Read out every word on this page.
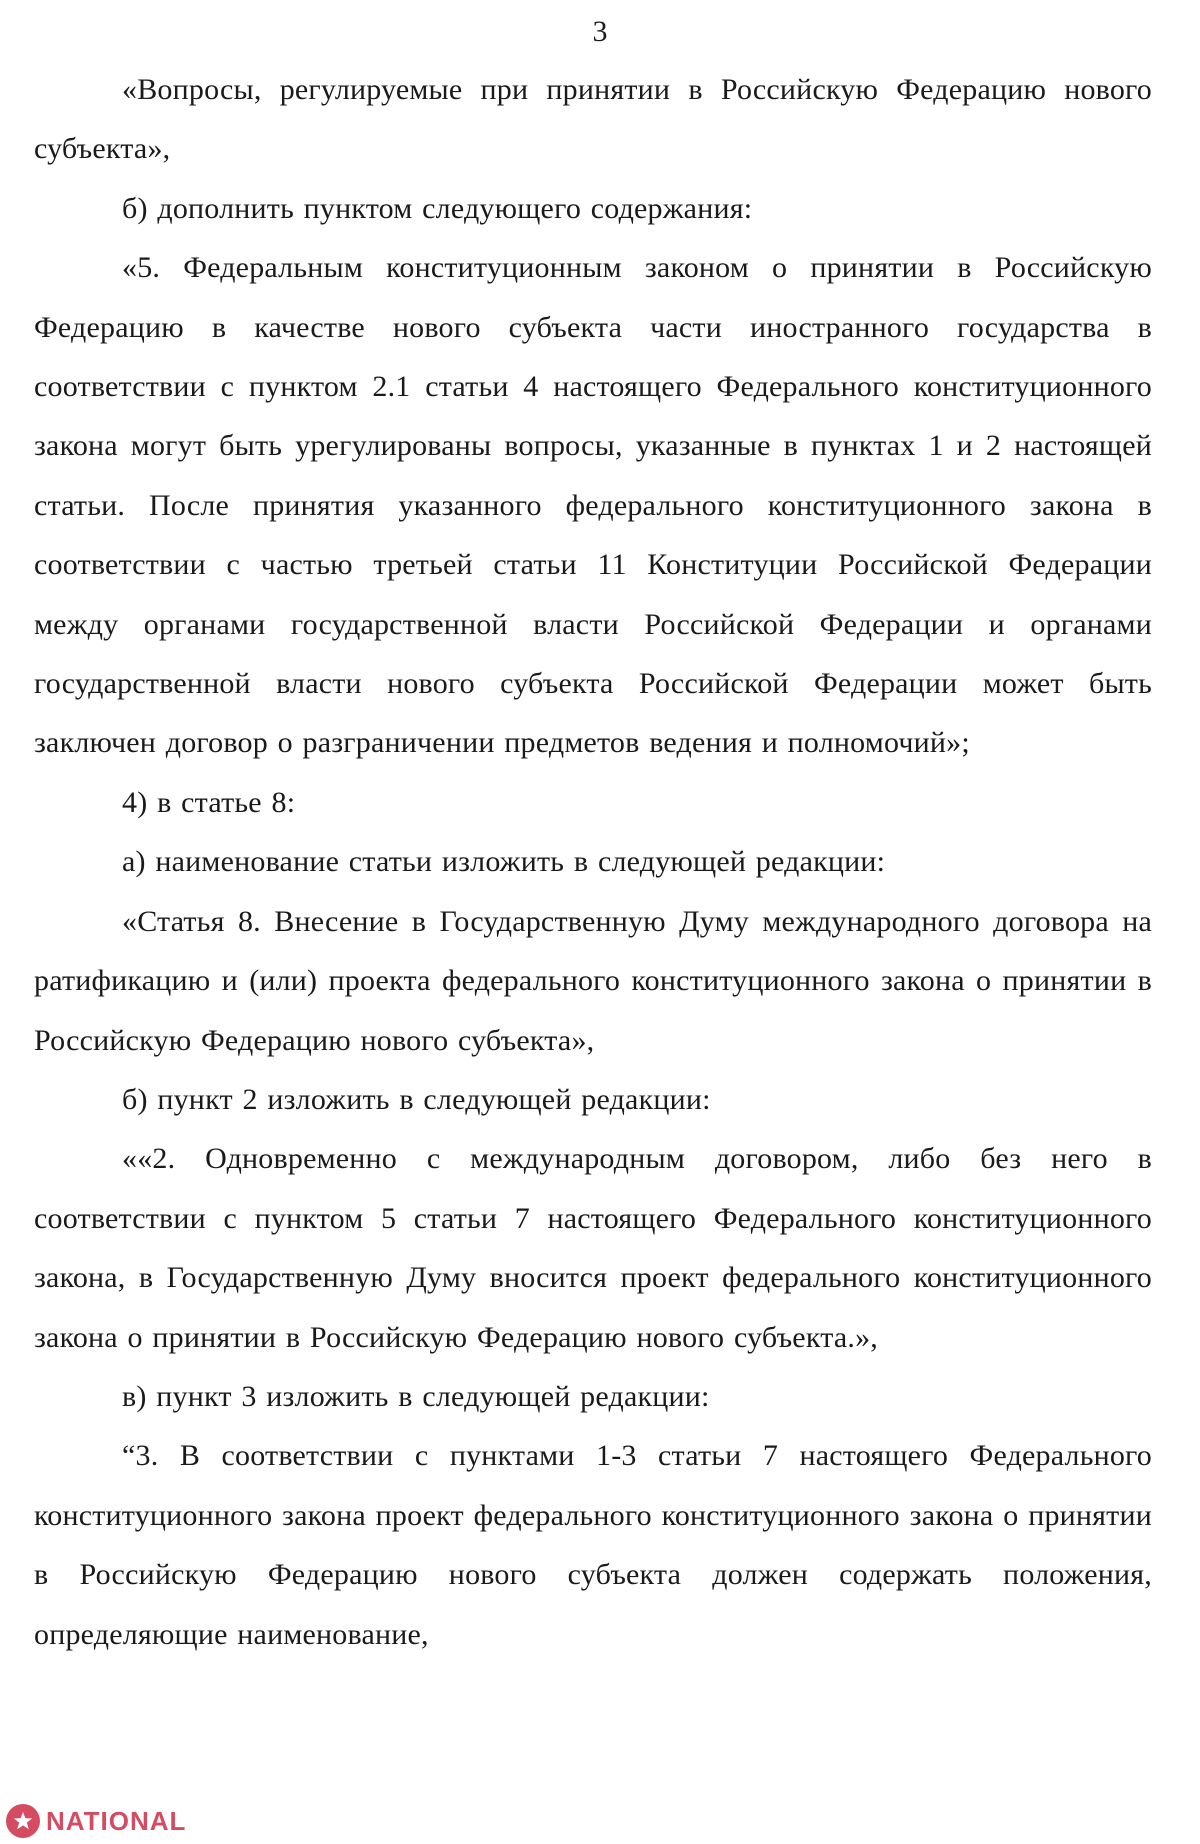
3

«Вопросы, регулируемые при принятии в Российскую Федерацию нового субъекта»,

б) дополнить пунктом следующего содержания:

«5. Федеральным конституционным законом о принятии в Российскую Федерацию в качестве нового субъекта части иностранного государства в соответствии с пунктом 2.1 статьи 4 настоящего Федерального конституционного закона могут быть урегулированы вопросы, указанные в пунктах 1 и 2 настоящей статьи. После принятия указанного федерального конституционного закона в соответствии с частью третьей статьи 11 Конституции Российской Федерации между органами государственной власти Российской Федерации и органами государственной власти нового субъекта Российской Федерации может быть заключен договор о разграничении предметов ведения и полномочий»;

4) в статье 8:

а) наименование статьи изложить в следующей редакции:

«Статья 8. Внесение в Государственную Думу международного договора на ратификацию и (или) проекта федерального конституционного закона о принятии в Российскую Федерацию нового субъекта»,

б) пункт 2 изложить в следующей редакции:

««2. Одновременно с международным договором, либо без него в соответствии с пунктом 5 статьи 7 настоящего Федерального конституционного закона, в Государственную Думу вносится проект федерального конституционного закона о принятии в Российскую Федерацию нового субъекта.»,

в) пункт 3 изложить в следующей редакции:

“3. В соответствии с пунктами 1-3 статьи 7 настоящего Федерального конституционного закона проект федерального конституционного закона о принятии в Российскую Федерацию нового субъекта должен содержать положения, определяющие наименование,

NATIONAL
